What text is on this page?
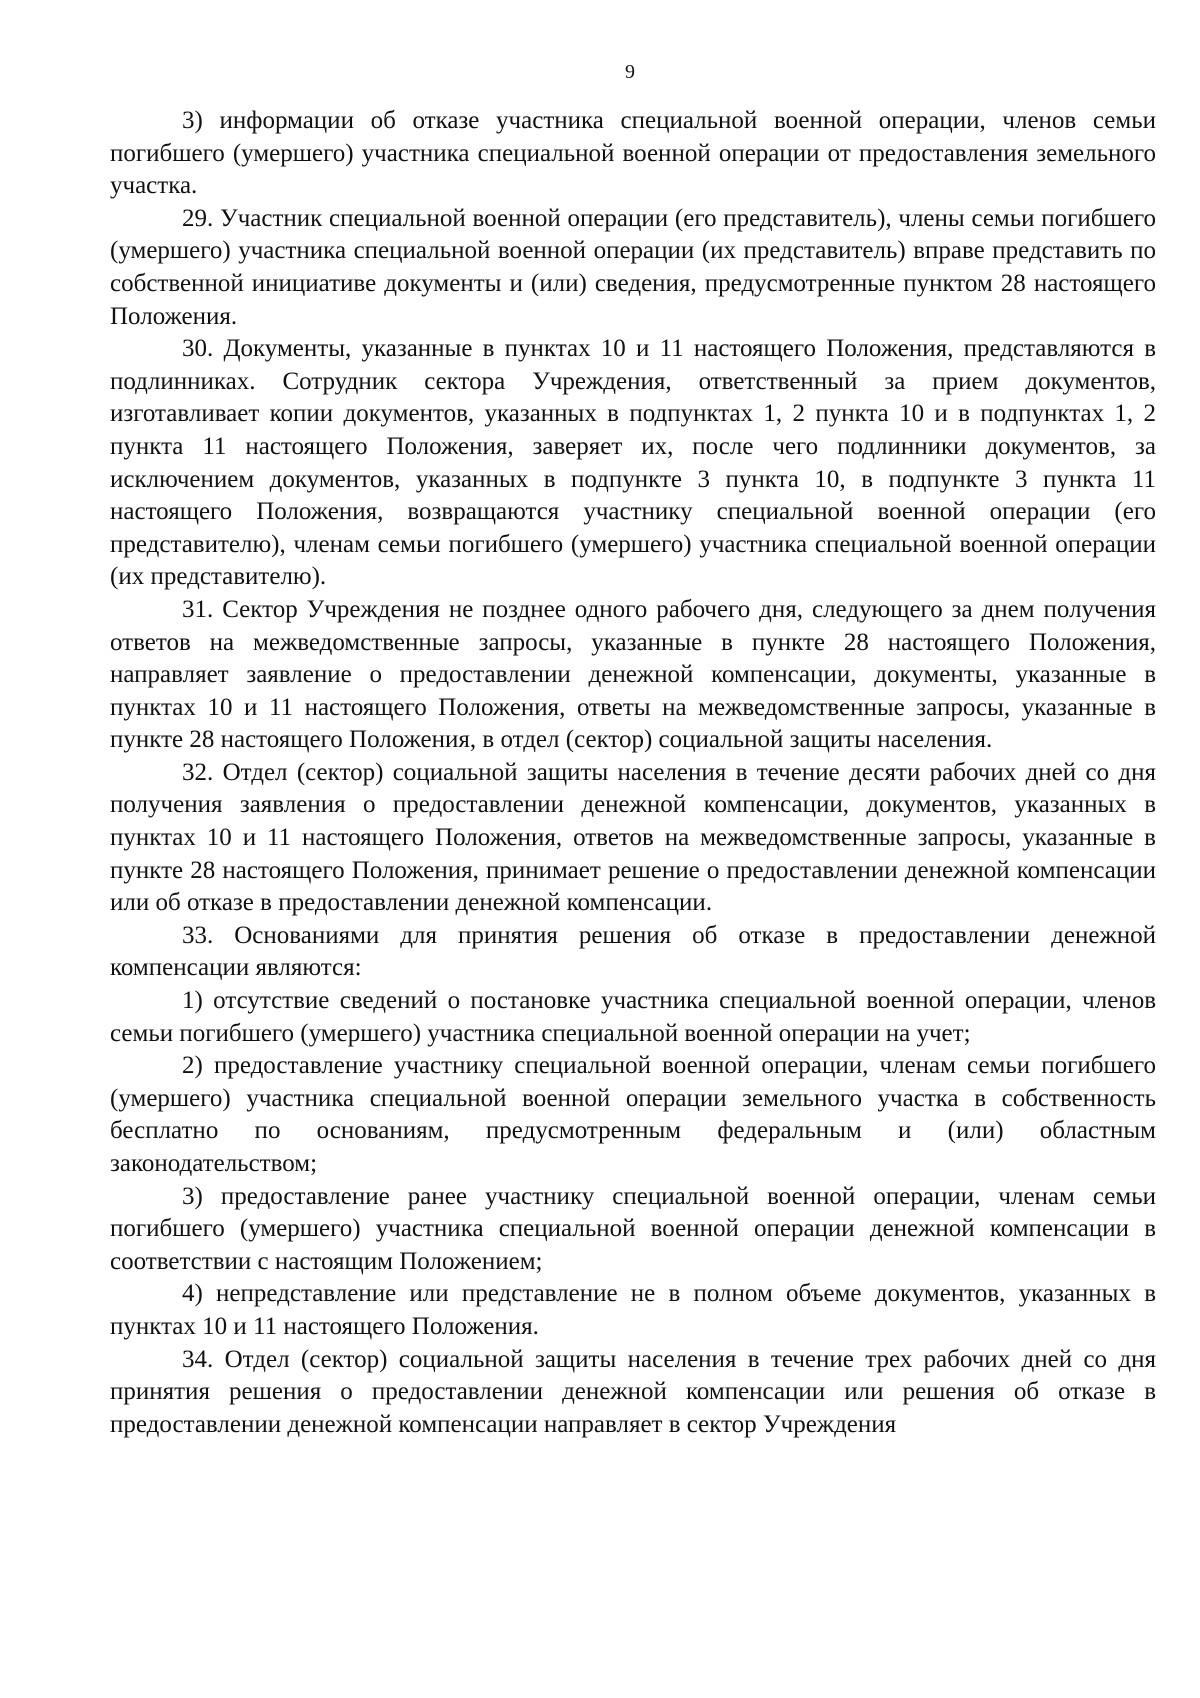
9

3) информации об отказе участника специальной военной операции, членов семьи погибшего (умершего) участника специальной военной операции от предоставления земельного участка.

29. Участник специальной военной операции (его представитель), члены семьи погибшего (умершего) участника специальной военной операции (их представитель) вправе представить по собственной инициативе документы и (или) сведения, предусмотренные пунктом 28 настоящего Положения.

30. Документы, указанные в пунктах 10 и 11 настоящего Положения, представляются в подлинниках. Сотрудник сектора Учреждения, ответственный за прием документов, изготавливает копии документов, указанных в подпунктах 1, 2 пункта 10 и в подпунктах 1, 2 пункта 11 настоящего Положения, заверяет их, после чего подлинники документов, за исключением документов, указанных в подпункте 3 пункта 10, в подпункте 3 пункта 11 настоящего Положения, возвращаются участнику специальной военной операции (его представителю), членам семьи погибшего (умершего) участника специальной военной операции (их представителю).

31. Сектор Учреждения не позднее одного рабочего дня, следующего за днем получения ответов на межведомственные запросы, указанные в пункте 28 настоящего Положения, направляет заявление о предоставлении денежной компенсации, документы, указанные в пунктах 10 и 11 настоящего Положения, ответы на межведомственные запросы, указанные в пункте 28 настоящего Положения, в отдел (сектор) социальной защиты населения.

32. Отдел (сектор) социальной защиты населения в течение десяти рабочих дней со дня получения заявления о предоставлении денежной компенсации, документов, указанных в пунктах 10 и 11 настоящего Положения, ответов на межведомственные запросы, указанные в пункте 28 настоящего Положения, принимает решение о предоставлении денежной компенсации или об отказе в предоставлении денежной компенсации.

33. Основаниями для принятия решения об отказе в предоставлении денежной компенсации являются:

1) отсутствие сведений о постановке участника специальной военной операции, членов семьи погибшего (умершего) участника специальной военной операции на учет;

2) предоставление участнику специальной военной операции, членам семьи погибшего (умершего) участника специальной военной операции земельного участка в собственность бесплатно по основаниям, предусмотренным федеральным и (или) областным законодательством;

3) предоставление ранее участнику специальной военной операции, членам семьи погибшего (умершего) участника специальной военной операции денежной компенсации в соответствии с настоящим Положением;

4) непредставление или представление не в полном объеме документов, указанных в пунктах 10 и 11 настоящего Положения.

34. Отдел (сектор) социальной защиты населения в течение трех рабочих дней со дня принятия решения о предоставлении денежной компенсации или решения об отказе в предоставлении денежной компенсации направляет в сектор Учреждения
